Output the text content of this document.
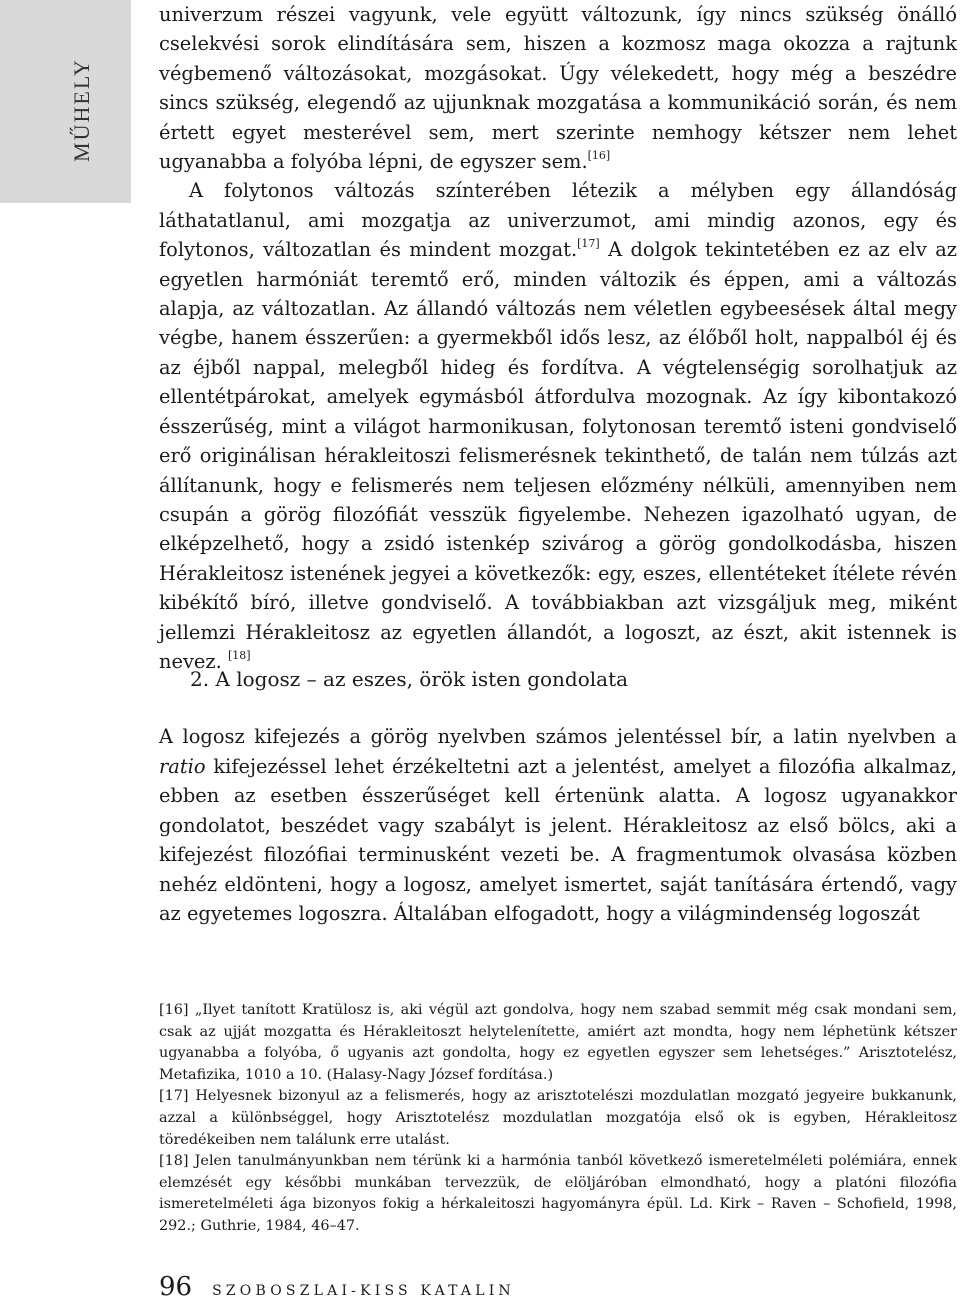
MŰHELY

univerzum részei vagyunk, vele együtt változunk, így nincs szükség önálló cselekvési sorok elindítására sem, hiszen a kozmosz maga okozza a rajtunk végbemenő változásokat, mozgásokat. Úgy vélekedett, hogy még a beszédre sincs szükség, elegendő az ujjunknak mozgatása a kommunikáció során, és nem értett egyet mesterével sem, mert szerinte nemhogy kétszer nem lehet ugyanabba a folyóba lépni, de egyszer sem.[16]

A folytonos változás színterében létezik a mélyben egy állandóság láthatatlanul, ami mozgatja az univerzumot, ami mindig azonos, egy és folytonos, változatlan és mindent mozgat.[17] A dolgok tekintetében ez az elv az egyetlen harmóniát teremtő erő, minden változik és éppen, ami a változás alapja, az változatlan. Az állandó változás nem véletlen egybeesések által megy végbe, hanem ésszerűen: a gyermekből idős lesz, az élőből holt, nappalból éj és az éjből nappal, melegből hideg és fordítva. A végtelenségig sorolhatjuk az ellentétpárokat, amelyek egymásból átfordulva mozognak. Az így kibontakozó ésszerűség, mint a világot harmonikusan, folytonosan teremtő isteni gondviselő erő originálisan hérakleitoszi felismerésnek tekinthető, de talán nem túlzás azt állítanunk, hogy e felismerés nem teljesen előzmény nélküli, amennyiben nem csupán a görög filozófiát vesszük figyelembe. Nehezen igazolható ugyan, de elképzelhető, hogy a zsidó istenkép szivárog a görög gondolkodásba, hiszen Hérakleitosz istenének jegyei a következők: egy, eszes, ellentéteket ítélete révén kibékítő bíró, illetve gondviselő. A továbbiakban azt vizsgáljuk meg, miként jellemzi Hérakleitosz az egyetlen állandót, a logoszt, az észt, akit istennek is nevez. [18]

2. A logosz – az eszes, örök isten gondolata

A logosz kifejezés a görög nyelvben számos jelentéssel bír, a latin nyelvben a ratio kifejezéssel lehet érzékeltetni azt a jelentést, amelyet a filozófia alkalmaz, ebben az esetben ésszerűséget kell értenünk alatta. A logosz ugyanakkor gondolatot, beszédet vagy szabályt is jelent. Hérakleitosz az első bölcs, aki a kifejezést filozófiai terminusként vezeti be. A fragmentumok olvasása közben nehéz eldönteni, hogy a logosz, amelyet ismertet, saját tanítására értendő, vagy az egyetemes logoszra. Általában elfogadott, hogy a világmindenség logoszát

[16] „Ilyet tanított Kratülosz is, aki végül azt gondolva, hogy nem szabad semmit még csak mondani sem, csak az ujját mozgatta és Hérakleitoszt helytelenítette, amiért azt mondta, hogy nem léphetünk kétszer ugyanabba a folyóba, ő ugyanis azt gondolta, hogy ez egyetlen egyszer sem lehetséges.” Arisztotelész, Metafizika, 1010 a 10. (Halasy-Nagy József fordítása.)

[17] Helyesnek bizonyul az a felismerés, hogy az arisztotelészi mozdulatlan mozgató jegyeire bukkanunk, azzal a különbséggel, hogy Arisztotelész mozdulatlan mozgatója első ok is egyben, Hérakleitosz töredékeiben nem találunk erre utalást.

[18] Jelen tanulmányunkban nem térünk ki a harmónia tanból következő ismeretelméleti polémiára, ennek elemzését egy későbbi munkában tervezzük, de elöljáróban elmondható, hogy a platóni filozófia ismeretelméleti ága bizonyos fokig a hérkaleitoszi hagyományra épül. Ld. Kirk – Raven – Schofield, 1998, 292.; Guthrie, 1984, 46–47.

96 SZOBOSZLAI-KISS KATALIN
